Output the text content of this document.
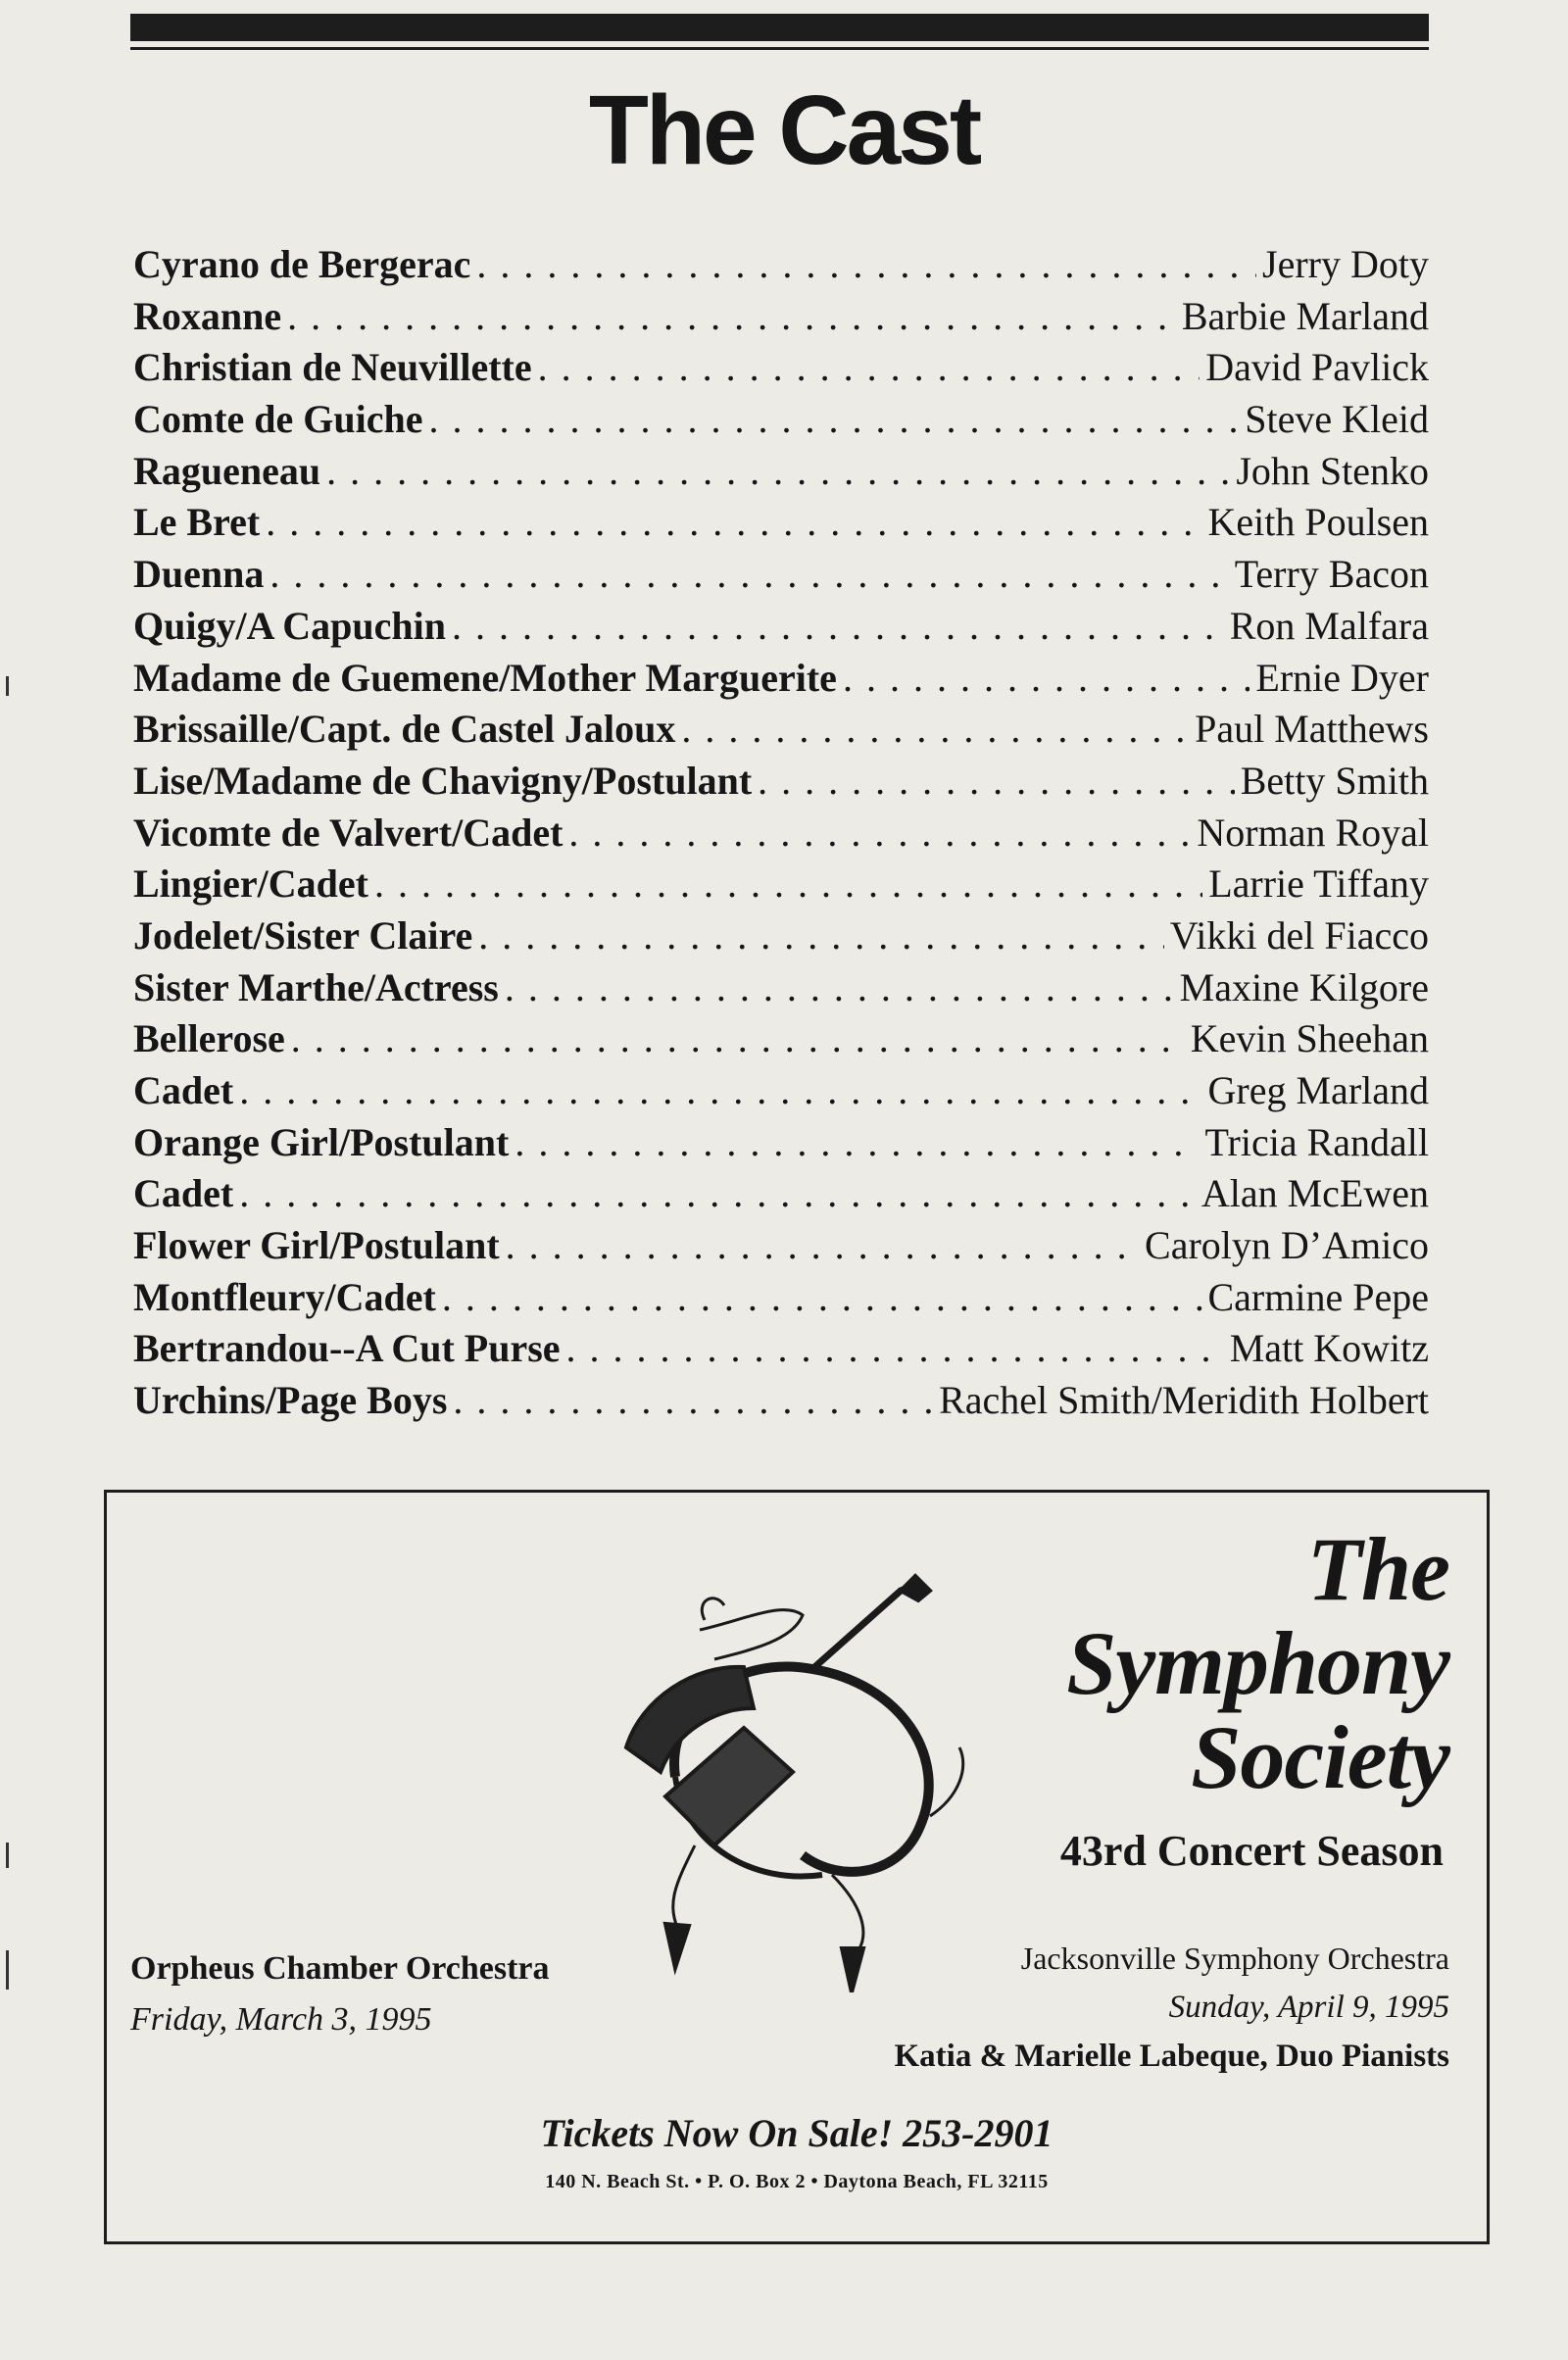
The Cast
Cyrano de Bergerac . . .	Jerry Doty
Roxanne . . .	Barbie Marland
Christian de Neuvillette . . .	David Pavlick
Comte de Guiche . . .	Steve Kleid
Ragueneau . . .	John Stenko
Le Bret . . .	Keith Poulsen
Duenna . . .	Terry Bacon
Quigy/A Capuchin . . .	Ron Malfara
Madame de Guemene/Mother Marguerite . . .	Ernie Dyer
Brissaille/Capt. de Castel Jaloux . . .	Paul Matthews
Lise/Madame de Chavigny/Postulant . . .	Betty Smith
Vicomte de Valvert/Cadet . . .	Norman Royal
Lingier/Cadet . . .	Larrie Tiffany
Jodelet/Sister Claire . . .	Vikki del Fiacco
Sister Marthe/Actress . . .	Maxine Kilgore
Bellerose . . .	Kevin Sheehan
Cadet . . .	Greg Marland
Orange Girl/Postulant . . .	Tricia Randall
Cadet . . .	Alan McEwen
Flower Girl/Postulant . . .	Carolyn D’Amico
Montfleury/Cadet . . .	Carmine Pepe
Bertrandou--A Cut Purse . . .	Matt Kowitz
Urchins/Page Boys . . .	Rachel Smith/Meridith Holbert
The
Symphony
Society
43rd Concert Season
Orpheus Chamber Orchestra
Friday, March 3, 1995
Jacksonville Symphony Orchestra
Sunday, April 9, 1995
Katia & Marielle Labeque, Duo Pianists
Tickets Now On Sale! 253-2901
140 N. Beach St. • P. O. Box 2 • Daytona Beach, FL 32115
